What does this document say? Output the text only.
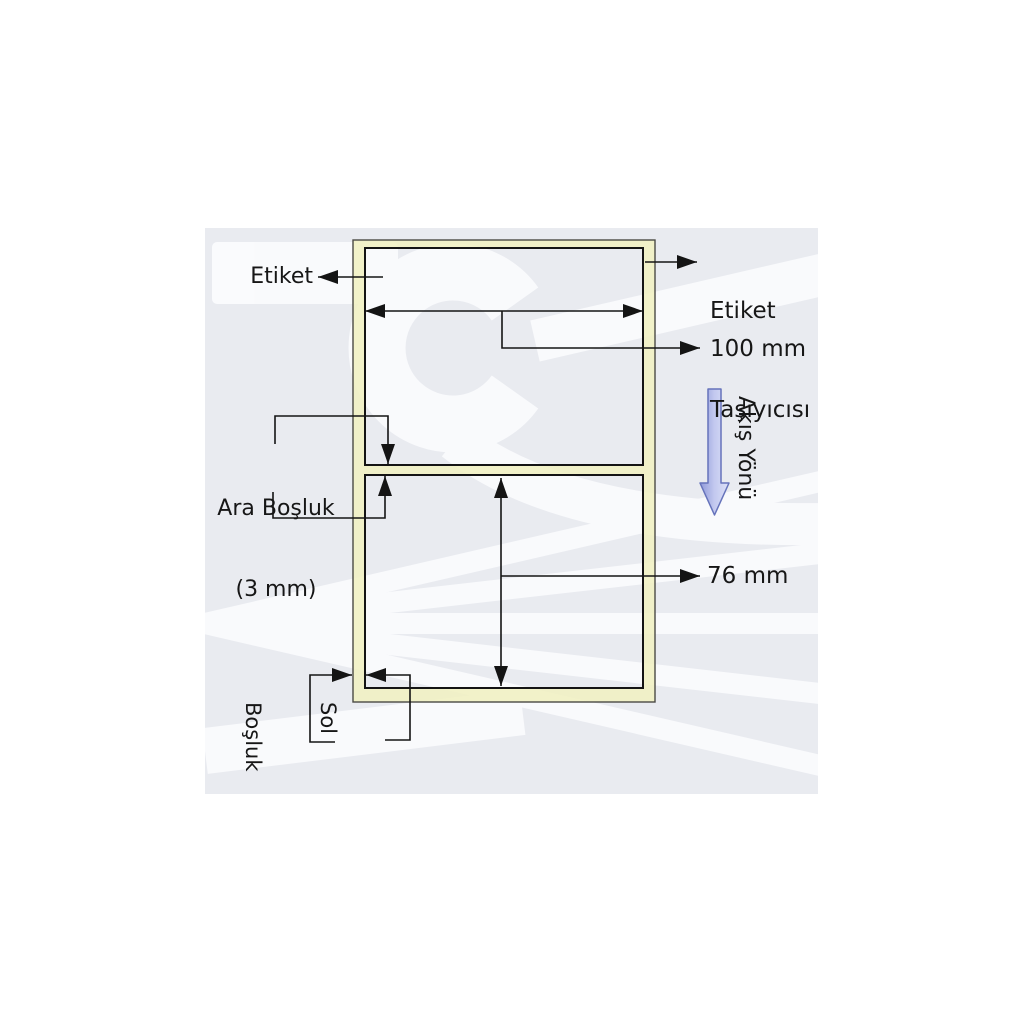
Etiket

Etiket

Taşıyıcısı

100 mm

Ara Boşluk

(3 mm)

76 mm

Sol

Boşluk

Akış Yönü
